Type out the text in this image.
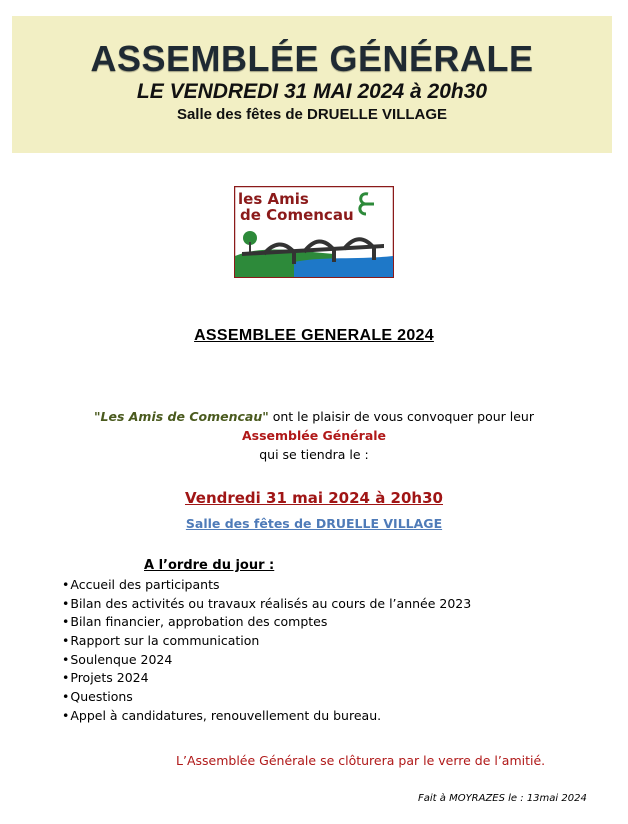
ASSEMBLÉE GÉNÉRALE
LE VENDREDI 31 MAI 2024 à 20h30
Salle des fêtes de DRUELLE VILLAGE
les Amis
de Comencau
ASSEMBLEE GENERALE 2024
"Les Amis de Comencau" ont le plaisir de vous convoquer pour leur
Assemblée Générale
qui se tiendra le :
Vendredi 31 mai 2024 à 20h30
Salle des fêtes de DRUELLE VILLAGE
A l’ordre du jour :
• Accueil des participants
• Bilan des activités ou travaux réalisés au cours de l’année 2023
• Bilan financier, approbation des comptes
• Rapport sur la communication
• Soulenque 2024
• Projets 2024
• Questions
• Appel à candidatures, renouvellement du bureau.
L’Assemblée Générale se clôturera par le verre de l’amitié.
Fait à MOYRAZES le : 13mai 2024
